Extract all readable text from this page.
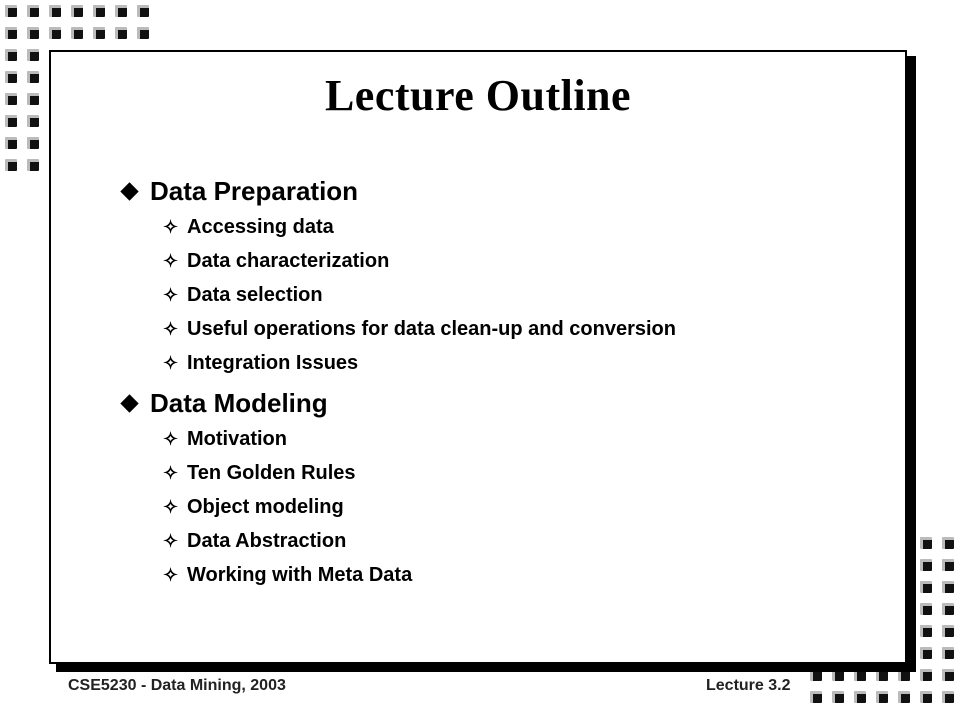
Lecture Outline
Data Preparation
✧ Accessing data
✧ Data characterization
✧ Data selection
✧ Useful operations for data clean-up and conversion
✧ Integration Issues
Data Modeling
✧ Motivation
✧ Ten Golden Rules
✧ Object modeling
✧ Data Abstraction
✧ Working with Meta Data
CSE5230 - Data Mining, 2003	Lecture 3.2
